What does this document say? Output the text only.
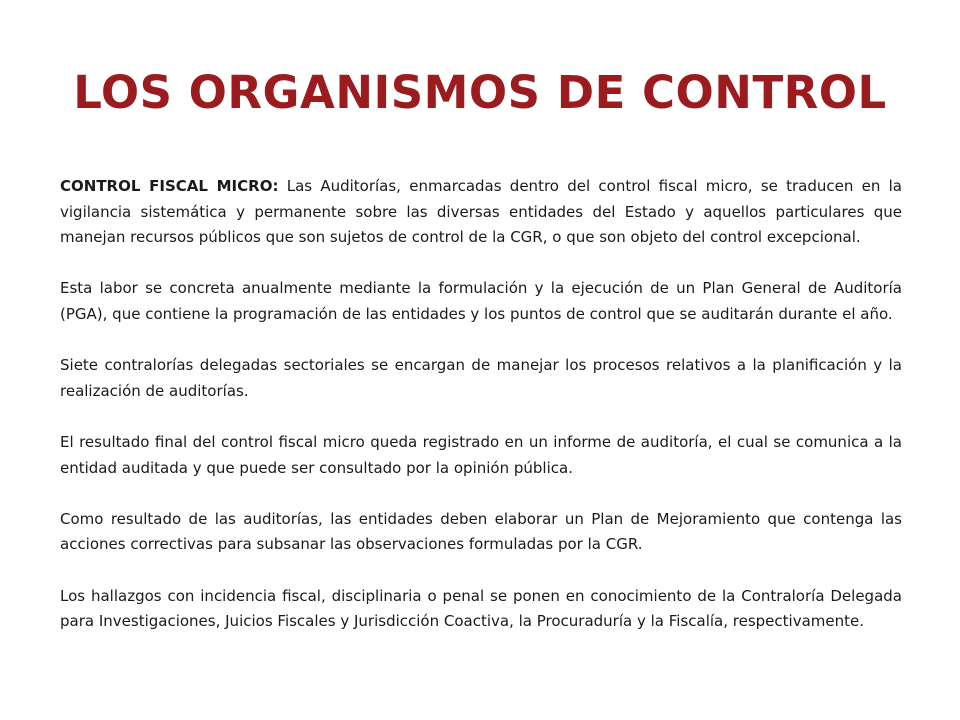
LOS ORGANISMOS DE CONTROL

CONTROL FISCAL MICRO: Las Auditorías, enmarcadas dentro del control fiscal micro, se traducen en la vigilancia sistemática y permanente sobre las diversas entidades del Estado y aquellos particulares que manejan recursos públicos que son sujetos de control de la CGR, o que son objeto del control excepcional.

Esta labor se concreta anualmente mediante la formulación y la ejecución de un Plan General de Auditoría (PGA), que contiene la programación de las entidades y los puntos de control que se auditarán durante el año.

Siete contralorías delegadas sectoriales se encargan de manejar los procesos relativos a la planificación y la realización de auditorías.

El resultado final del control fiscal micro queda registrado en un informe de auditoría, el cual se comunica a la entidad auditada y que puede ser consultado por la opinión pública.

Como resultado de las auditorías, las entidades deben elaborar un Plan de Mejoramiento que contenga las acciones correctivas para subsanar las observaciones formuladas por la CGR.

Los hallazgos con incidencia fiscal, disciplinaria o penal se ponen en conocimiento de la Contraloría Delegada para Investigaciones, Juicios Fiscales y Jurisdicción Coactiva, la Procuraduría y la Fiscalía, respectivamente.
